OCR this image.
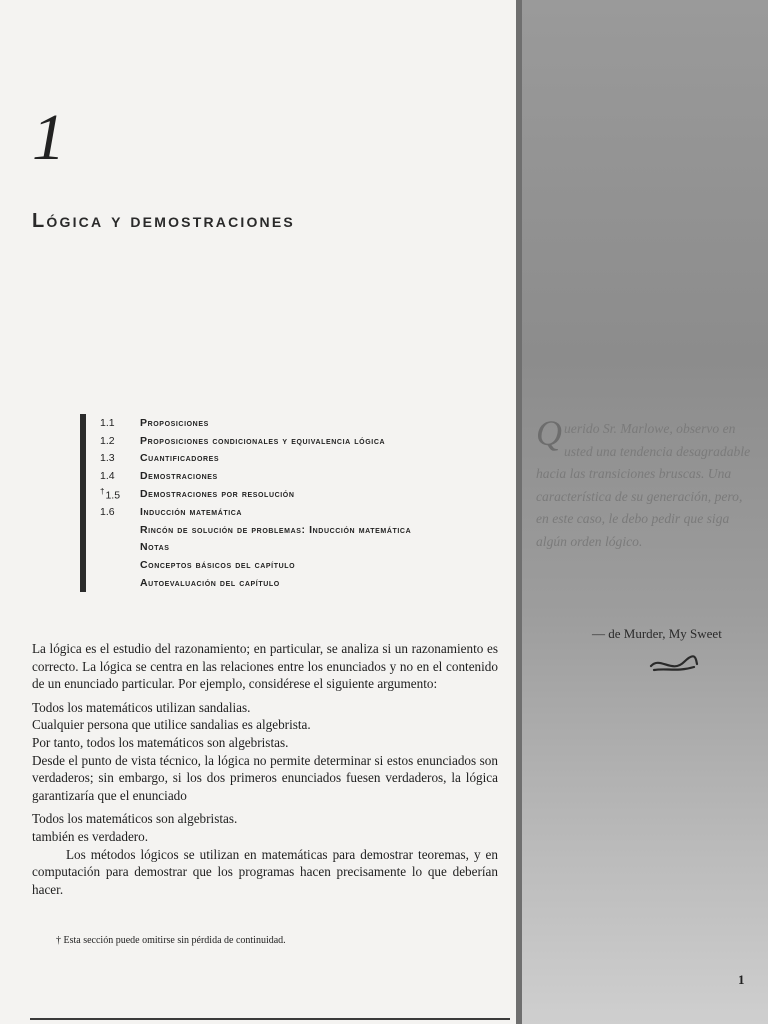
1
Lógica y demostraciones
1.1	Proposiciones
1.2	Proposiciones condicionales y equivalencia lógica
1.3	Cuantificadores
1.4	Demostraciones
†1.5	Demostraciones por resolución
1.6	Inducción matemática
Rincón de solución de problemas: Inducción matemática
Notas
Conceptos básicos del capítulo
Autoevaluación del capítulo
Querido Sr. Marlowe, observo en usted una tendencia desagradable hacia las transiciones bruscas. Una característica de su generación, pero, en este caso, le debo pedir que siga algún orden lógico.
— de Murder, My Sweet

La lógica es el estudio del razonamiento; en particular, se analiza si un razonamiento es correcto. La lógica se centra en las relaciones entre los enunciados y no en el contenido de un enunciado particular. Por ejemplo, considérese el siguiente argumento:

Todos los matemáticos utilizan sandalias.
Cualquier persona que utilice sandalias es algebrista.
Por tanto, todos los matemáticos son algebristas.

Desde el punto de vista técnico, la lógica no permite determinar si estos enunciados son verdaderos; sin embargo, si los dos primeros enunciados fuesen verdaderos, la lógica garantizaría que el enunciado

Todos los matemáticos son algebristas.

también es verdadero.

Los métodos lógicos se utilizan en matemáticas para demostrar teoremas, y en computación para demostrar que los programas hacen precisamente lo que deberían hacer.

† Esta sección puede omitirse sin pérdida de continuidad.
1
